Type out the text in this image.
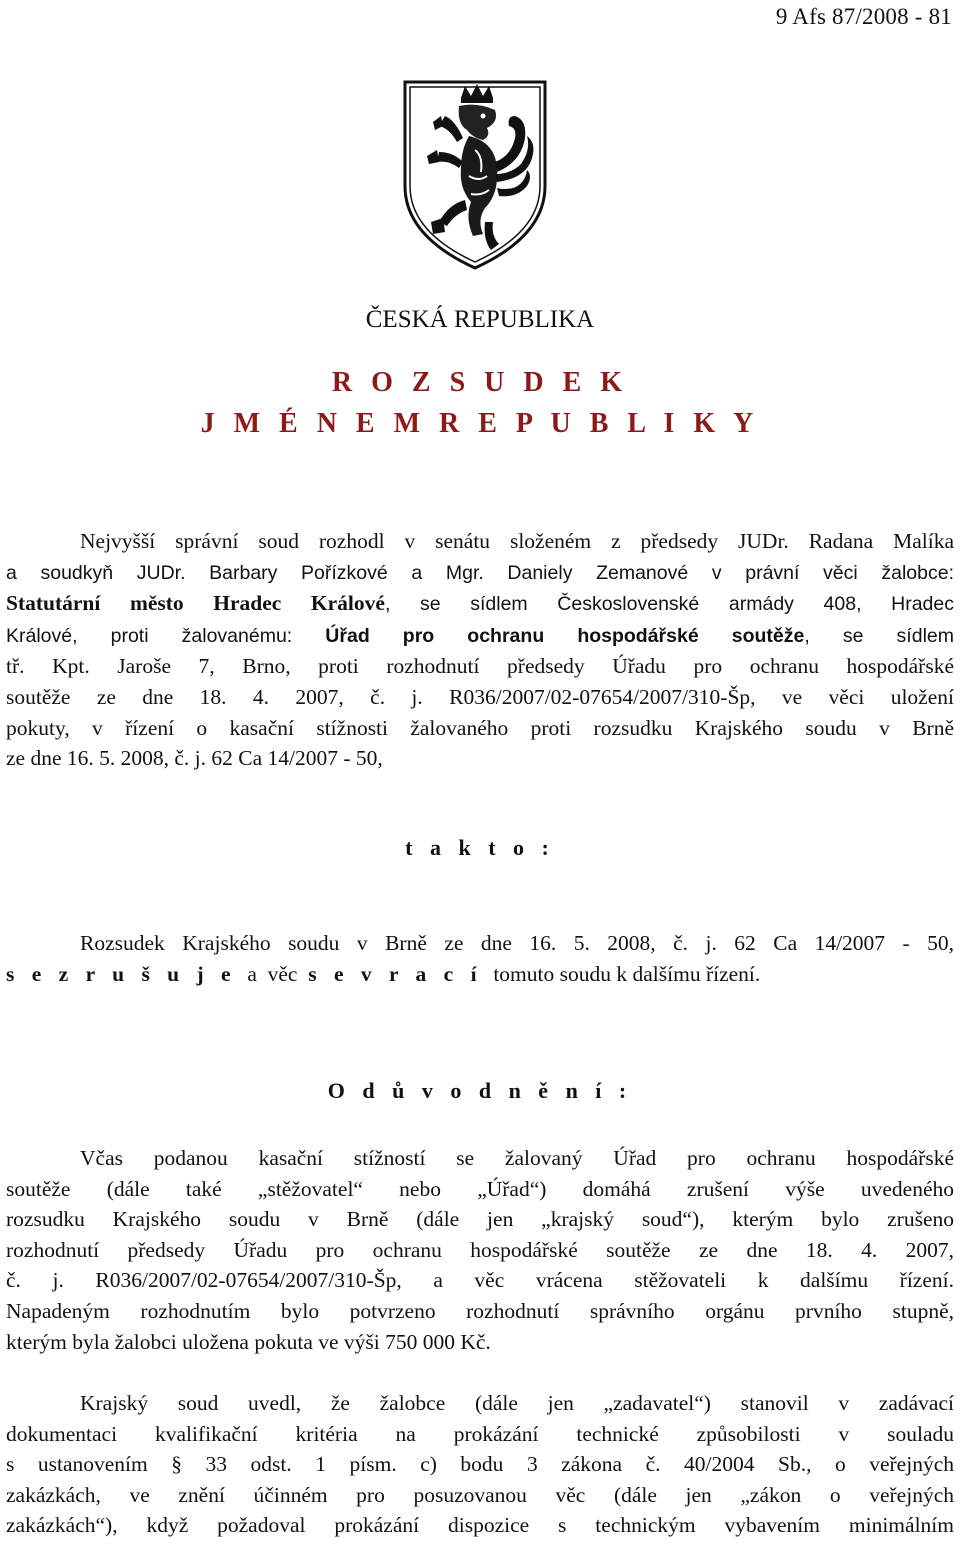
9 Afs 87/2008 - 81
ČESKÁ REPUBLIKA
R O Z S U D E K
J M É N E M R E P U B L I K Y
Nejvyšší správní soud rozhodl v senátu složeném z předsedy JUDr. Radana Malíka
a soudkyň JUDr. Barbary Pořízkové a Mgr. Daniely Zemanové v právní věci žalobce:
Statutární město Hradec Králové, se sídlem Československé armády 408, Hradec
Králové, proti žalovanému: Úřad pro ochranu hospodářské soutěže, se sídlem
tř. Kpt. Jaroše 7, Brno, proti rozhodnutí předsedy Úřadu pro ochranu hospodářské
soutěže ze dne 18. 4. 2007, č. j. R036/2007/02-07654/2007/310-Šp, ve věci uložení
pokuty, v řízení o kasační stížnosti žalovaného proti rozsudku Krajského soudu v Brně
ze dne 16. 5. 2008, č. j. 62 Ca 14/2007 - 50,
t a k t o :
Rozsudek Krajského soudu v Brně ze dne 16. 5. 2008, č. j. 62 Ca 14/2007 - 50,
s e z r u š u j e  a  věc  s e v r a c í  tomuto soudu k dalšímu řízení.
O d ů v o d n ě n í :
Včas podanou kasační stížností se žalovaný Úřad pro ochranu hospodářské
soutěže (dále také „stěžovatel“ nebo „Úřad“) domáhá zrušení výše uvedeného
rozsudku Krajského soudu v Brně (dále jen „krajský soud“), kterým bylo zrušeno
rozhodnutí předsedy Úřadu pro ochranu hospodářské soutěže ze dne 18. 4. 2007,
č. j. R036/2007/02-07654/2007/310-Šp, a věc vrácena stěžovateli k dalšímu řízení.
Napadeným rozhodnutím bylo potvrzeno rozhodnutí správního orgánu prvního stupně,
kterým byla žalobci uložena pokuta ve výši 750 000 Kč.
Krajský soud uvedl, že žalobce (dále jen „zadavatel“) stanovil v zadávací
dokumentaci kvalifikační kritéria na prokázání technické způsobilosti v souladu
s ustanovením § 33 odst. 1 písm. c) bodu 3 zákona č. 40/2004 Sb., o veřejných
zakázkách, ve znění účinném pro posuzovanou věc (dále jen „zákon o veřejných
zakázkách“), když požadoval prokázání dispozice s technickým vybavením minimálním
